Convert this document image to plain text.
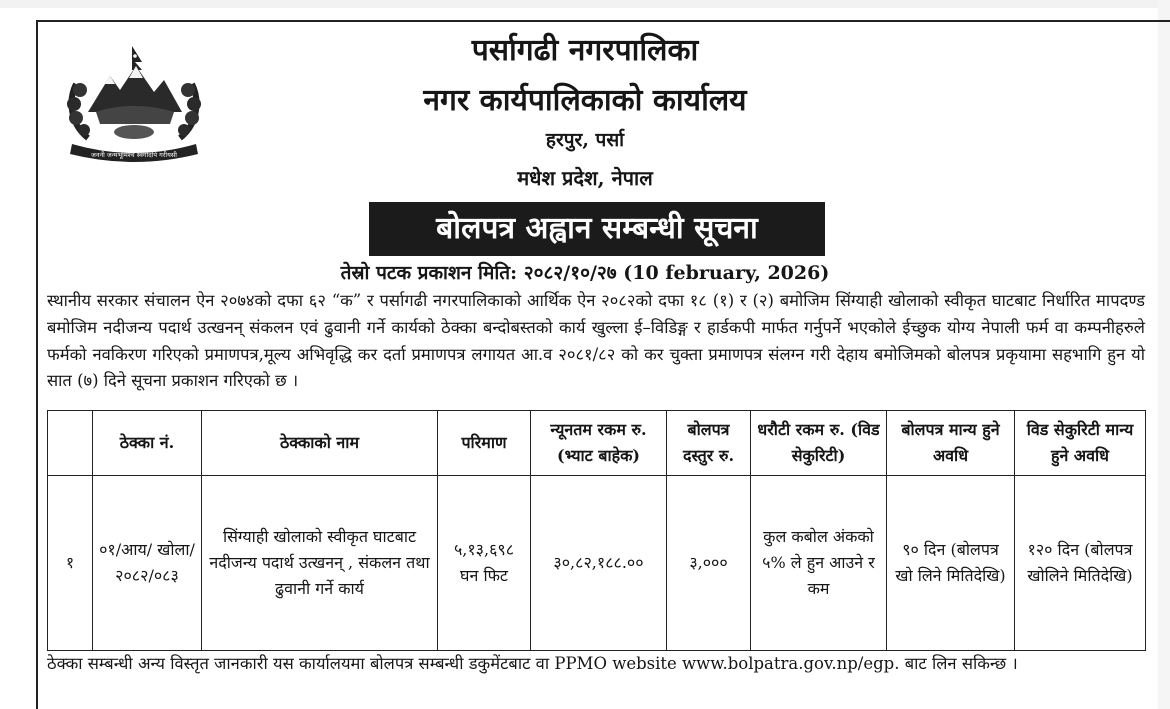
जननी जन्मभूमिश्च स्वर्गादपि गरीयसी
पर्सागढी नगरपालिका
नगर कार्यपालिकाको कार्यालय
हरपुर, पर्सा
मधेश प्रदेश, नेपाल
बोलपत्र अह्वान सम्बन्धी सूचना
तेस्रो पटक प्रकाशन मिति: २०८२/१०/२७ (10 february, 2026)
स्थानीय सरकार संचालन ऐन २०७४को दफा ६२ “क” र पर्सागढी नगरपालिकाको आर्थिक ऐन २०८२को दफा १८ (१) र (२) बमोजिम सिंग्याही खोलाको स्वीकृत घाटबाट निर्धारित मापदण्ड बमोजिम नदीजन्य पदार्थ उत्खनन् संकलन एवं ढुवानी गर्ने कार्यको ठेक्का बन्दोबस्तको कार्य खुल्ला ई–विडिङ्ग र हार्डकपी मार्फत गर्नुपर्ने भएकोले ईच्छुक योग्य नेपाली फर्म वा कम्पनीहरुले फर्मको नवकिरण गरिएको प्रमाणपत्र,मूल्य अभिवृद्धि कर दर्ता प्रमाणपत्र लगायत आ.व २०८१/८२ को कर चुक्ता प्रमाणपत्र संलग्न गरी देहाय बमोजिमको बोलपत्र प्रकृयामा सहभागि हुन यो सात (७) दिने सूचना प्रकाशन गरिएको छ ।
	ठेक्का नं.	ठेक्काको नाम	परिमाण	न्यूनतम रकम रु. (भ्याट बाहेक)	बोलपत्र दस्तुर रु.	धरौटी रकम रु. (विड सेकुरिटी)	बोलपत्र मान्य हुने अवधि	विड सेकुरिटी मान्य हुने अवधि
१	०१/आय/ खोला/ २०८२/०८३	सिंग्याही खोलाको स्वीकृत घाटबाट नदीजन्य पदार्थ उत्खनन् , संकलन तथा ढुवानी गर्ने कार्य	५,१३,६९८ घन फिट	३०,८२,१८८.००	३,०००	कुल कबोल अंकको ५% ले हुन आउने र कम	९० दिन (बोलपत्र खो लिने मितिदेखि)	१२० दिन (बोलपत्र खोलिने मितिदेखि)
ठेक्का सम्बन्धी अन्य विस्तृत जानकारी यस कार्यालयमा बोलपत्र सम्बन्धी डकुमेंटबाट वा PPMO website www.bolpatra.gov.np/egp. बाट लिन सकिन्छ ।
